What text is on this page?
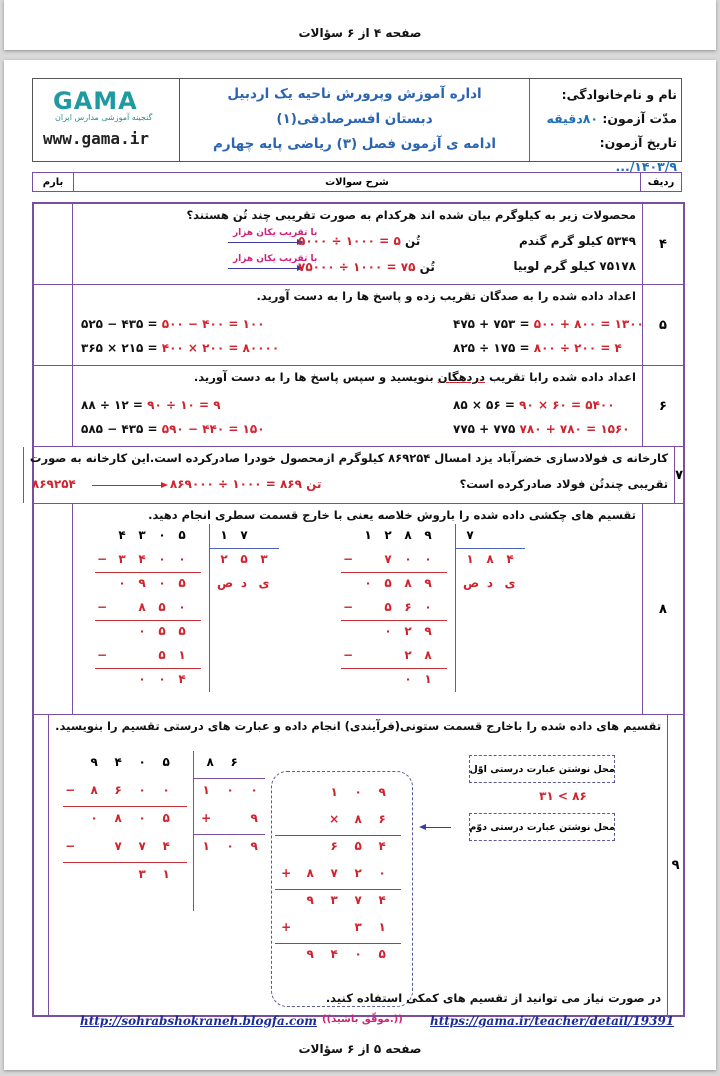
صفحه ۴ از ۶ سؤالات
نام و نام‌خانوادگی:
مدّت آزمون: ۸۰دقیقه
تاریخ آزمون: ۱۴۰۳/۹/...
اداره آموزش وپرورش ناحیه یک اردبیل
دبستان افسرصادقی(۱)
ادامه ی آزمون فصل (۳) ریاضی پایه چهارم
GAMA
گنجینه آموزشی مدارس ایران
www.gama.ir
ردیف
شرح سوالات
بارم
۴
محصولات زیر به کیلوگرم بیان شده اند هرکدام به صورت تقریبی چند تُن هستند؟
۵۳۴۹ کیلو گرم گندم
با تقریب یکان هزار
۵۰۰۰ ÷ ۱۰۰۰ = ۵ تُن
۷۵۱۷۸ کیلو گرم لوبیا
با تقریب یکان هزار
۷۵۰۰۰ ÷ ۱۰۰۰ = ۷۵ تُن
۵
اعداد داده شده را به صدگان تقریب زده و پاسخ ها را به دست آورید.
۴۷۵ + ۷۵۳ = ۵۰۰ + ۸۰۰ = ۱۳۰۰
۵۲۵ − ۴۳۵ = ۵۰۰ − ۴۰۰ = ۱۰۰
۸۲۵ ÷ ۱۷۵ = ۸۰۰ ÷ ۲۰۰ = ۴
۳۶۵ × ۲۱۵ = ۴۰۰ × ۲۰۰ = ۸۰۰۰۰
۶
اعداد داده شده رابا تقریب دردهگان بنویسید و سپس پاسخ ها را به دست آورید.
۸۵ × ۵۶ = ۹۰ × ۶۰ = ۵۴۰۰
۸۸ ÷ ۱۲ = ۹۰ ÷ ۱۰ = ۹
۷۷۵ + ۷۷۵ ۷۸۰ + ۷۸۰ = ۱۵۶۰
۵۸۵ − ۴۳۵ = ۵۹۰ − ۴۴۰ = ۱۵۰
۷
کارخانه ی فولادسازی خضرآباد یزد امسال ۸۶۹۲۵۴ کیلوگرم ازمحصول خودرا صادرکرده است.این کارخانه به صورت
تقریبی چندتُن فولاد صادرکرده است؟
۸۶۹۲۵۴	۸۶۹۰۰۰ ÷ ۱۰۰۰ = ۸۶۹ تن
۸
تقسیم های چکشی داده شده را باروش خلاصه یعنی با خارج قسمت سطری انجام دهید.
۴ ۳ ۰ ۵
− ۳ ۴ ۰ ۰
۰ ۹ ۰ ۵
−	۸ ۵ ۰
۰ ۵ ۵
−	۵ ۱
۰ ۰ ۴
۱ ۷
۲ ۵ ۳
ص د ی
۱ ۲ ۸ ۹
−	۷ ۰ ۰
۰ ۵ ۸ ۹
−	۵ ۶ ۰
۰ ۲ ۹
−	۲ ۸
۰ ۱
۷
۱ ۸ ۴
ص د ی
۹
تقسیم های داده شده را باخارج قسمت ستونی(فرآیندی) انجام داده و عبارت های درستی تقسیم را بنویسید.
۹ ۴ ۰ ۵
− ۸ ۶ ۰ ۰
۰ ۸ ۰ ۵
−	۷ ۷ ۴
۳ ۱
۸ ۶
۱ ۰ ۰
+	۹
۱ ۰ ۹
۱ ۰ ۹
× ۸ ۶
۶ ۵ ۴
+ ۸ ۷ ۲ ۰
۹ ۳ ۷ ۴
+	۳ ۱
۹ ۴ ۰ ۵
محل نوشتن عبارت درستی اوّل
۳۱ < ۸۶
محل نوشتن عبارت درستی دوّم
در صورت نیاز می توانید از تقسیم های کمکی استفاده کنید.
http://sohrabshokraneh.blogfa.com ((موفّق باشید.)) https://gama.ir/teacher/detail/19391
صفحه ۵ از ۶ سؤالات
